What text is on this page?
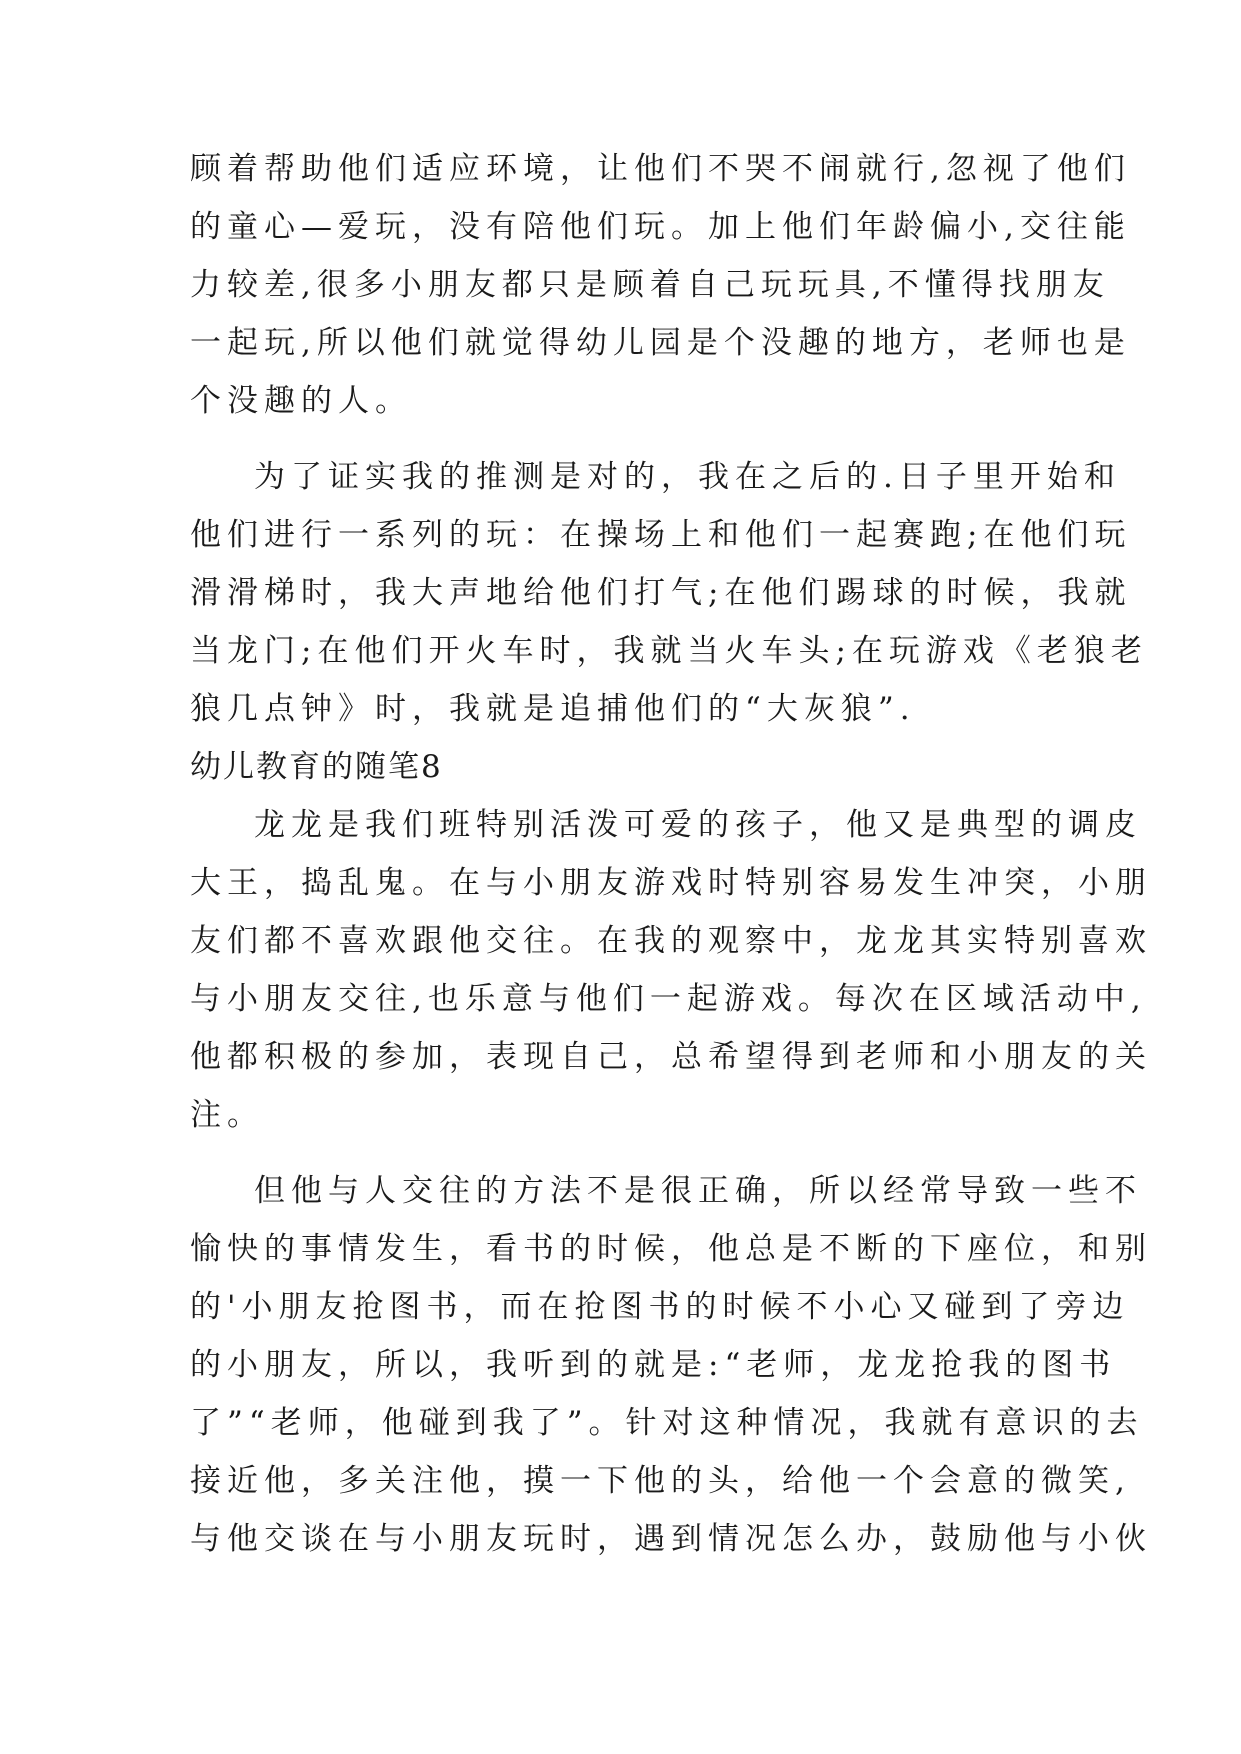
顾着帮助他们适应环境，让他们不哭不闹就行,忽视了他们
的童心—爱玩，没有陪他们玩。加上他们年龄偏小,交往能
力较差,很多小朋友都只是顾着自己玩玩具,不懂得找朋友
一起玩,所以他们就觉得幼儿园是个没趣的地方，老师也是
个没趣的人。
为了证实我的推测是对的，我在之后的.日子里开始和
他们进行一系列的玩：在操场上和他们一起赛跑;在他们玩
滑滑梯时，我大声地给他们打气;在他们踢球的时候，我就
当龙门;在他们开火车时，我就当火车头;在玩游戏《老狼老
狼几点钟》时，我就是追捕他们的“大灰狼”.
幼儿教育的随笔8
龙龙是我们班特别活泼可爱的孩子，他又是典型的调皮
大王，捣乱鬼。在与小朋友游戏时特别容易发生冲突，小朋
友们都不喜欢跟他交往。在我的观察中，龙龙其实特别喜欢
与小朋友交往,也乐意与他们一起游戏。每次在区域活动中,
他都积极的参加，表现自己，总希望得到老师和小朋友的关
注。
但他与人交往的方法不是很正确，所以经常导致一些不
愉快的事情发生，看书的时候，他总是不断的下座位，和别
的'小朋友抢图书，而在抢图书的时候不小心又碰到了旁边
的小朋友，所以，我听到的就是:“老师，龙龙抢我的图书
了”“老师，他碰到我了”。针对这种情况，我就有意识的去
接近他，多关注他，摸一下他的头，给他一个会意的微笑,
与他交谈在与小朋友玩时，遇到情况怎么办，鼓励他与小伙
